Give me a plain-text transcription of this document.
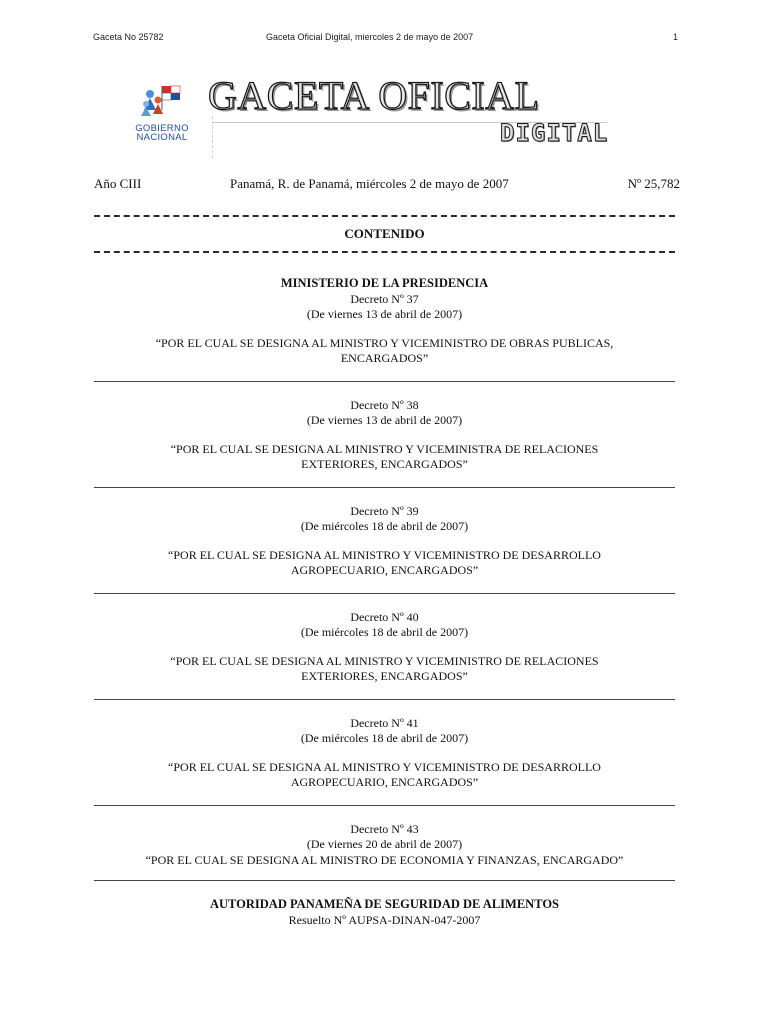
Gaceta No 25782	Gaceta Oficial Digital, miercoles 2 de mayo de 2007	1
GOBIERNO
NACIONAL
GACETA OFICIAL
DIGITAL
Año CIII	Panamá, R. de Panamá, miércoles 2 de mayo de 2007	Nº 25,782
CONTENIDO
MINISTERIO DE LA PRESIDENCIA
Decreto Nº 37
(De viernes 13 de abril de 2007)
“POR EL CUAL SE DESIGNA AL MINISTRO Y VICEMINISTRO DE OBRAS PUBLICAS,
ENCARGADOS”
Decreto Nº 38
(De viernes 13 de abril de 2007)
“POR EL CUAL SE DESIGNA AL MINISTRO Y VICEMINISTRA DE RELACIONES
EXTERIORES, ENCARGADOS”
Decreto Nº 39
(De miércoles 18 de abril de 2007)
“POR EL CUAL SE DESIGNA AL MINISTRO Y VICEMINISTRO DE DESARROLLO
AGROPECUARIO, ENCARGADOS”
Decreto Nº 40
(De miércoles 18 de abril de 2007)
“POR EL CUAL SE DESIGNA AL MINISTRO Y VICEMINISTRO DE RELACIONES
EXTERIORES, ENCARGADOS”
Decreto Nº 41
(De miércoles 18 de abril de 2007)
“POR EL CUAL SE DESIGNA AL MINISTRO Y VICEMINISTRO DE DESARROLLO
AGROPECUARIO, ENCARGADOS”
Decreto Nº 43
(De viernes 20 de abril de 2007)
“POR EL CUAL SE DESIGNA AL MINISTRO DE ECONOMIA Y FINANZAS, ENCARGADO”
AUTORIDAD PANAMEÑA DE SEGURIDAD DE ALIMENTOS
Resuelto Nº AUPSA-DINAN-047-2007
